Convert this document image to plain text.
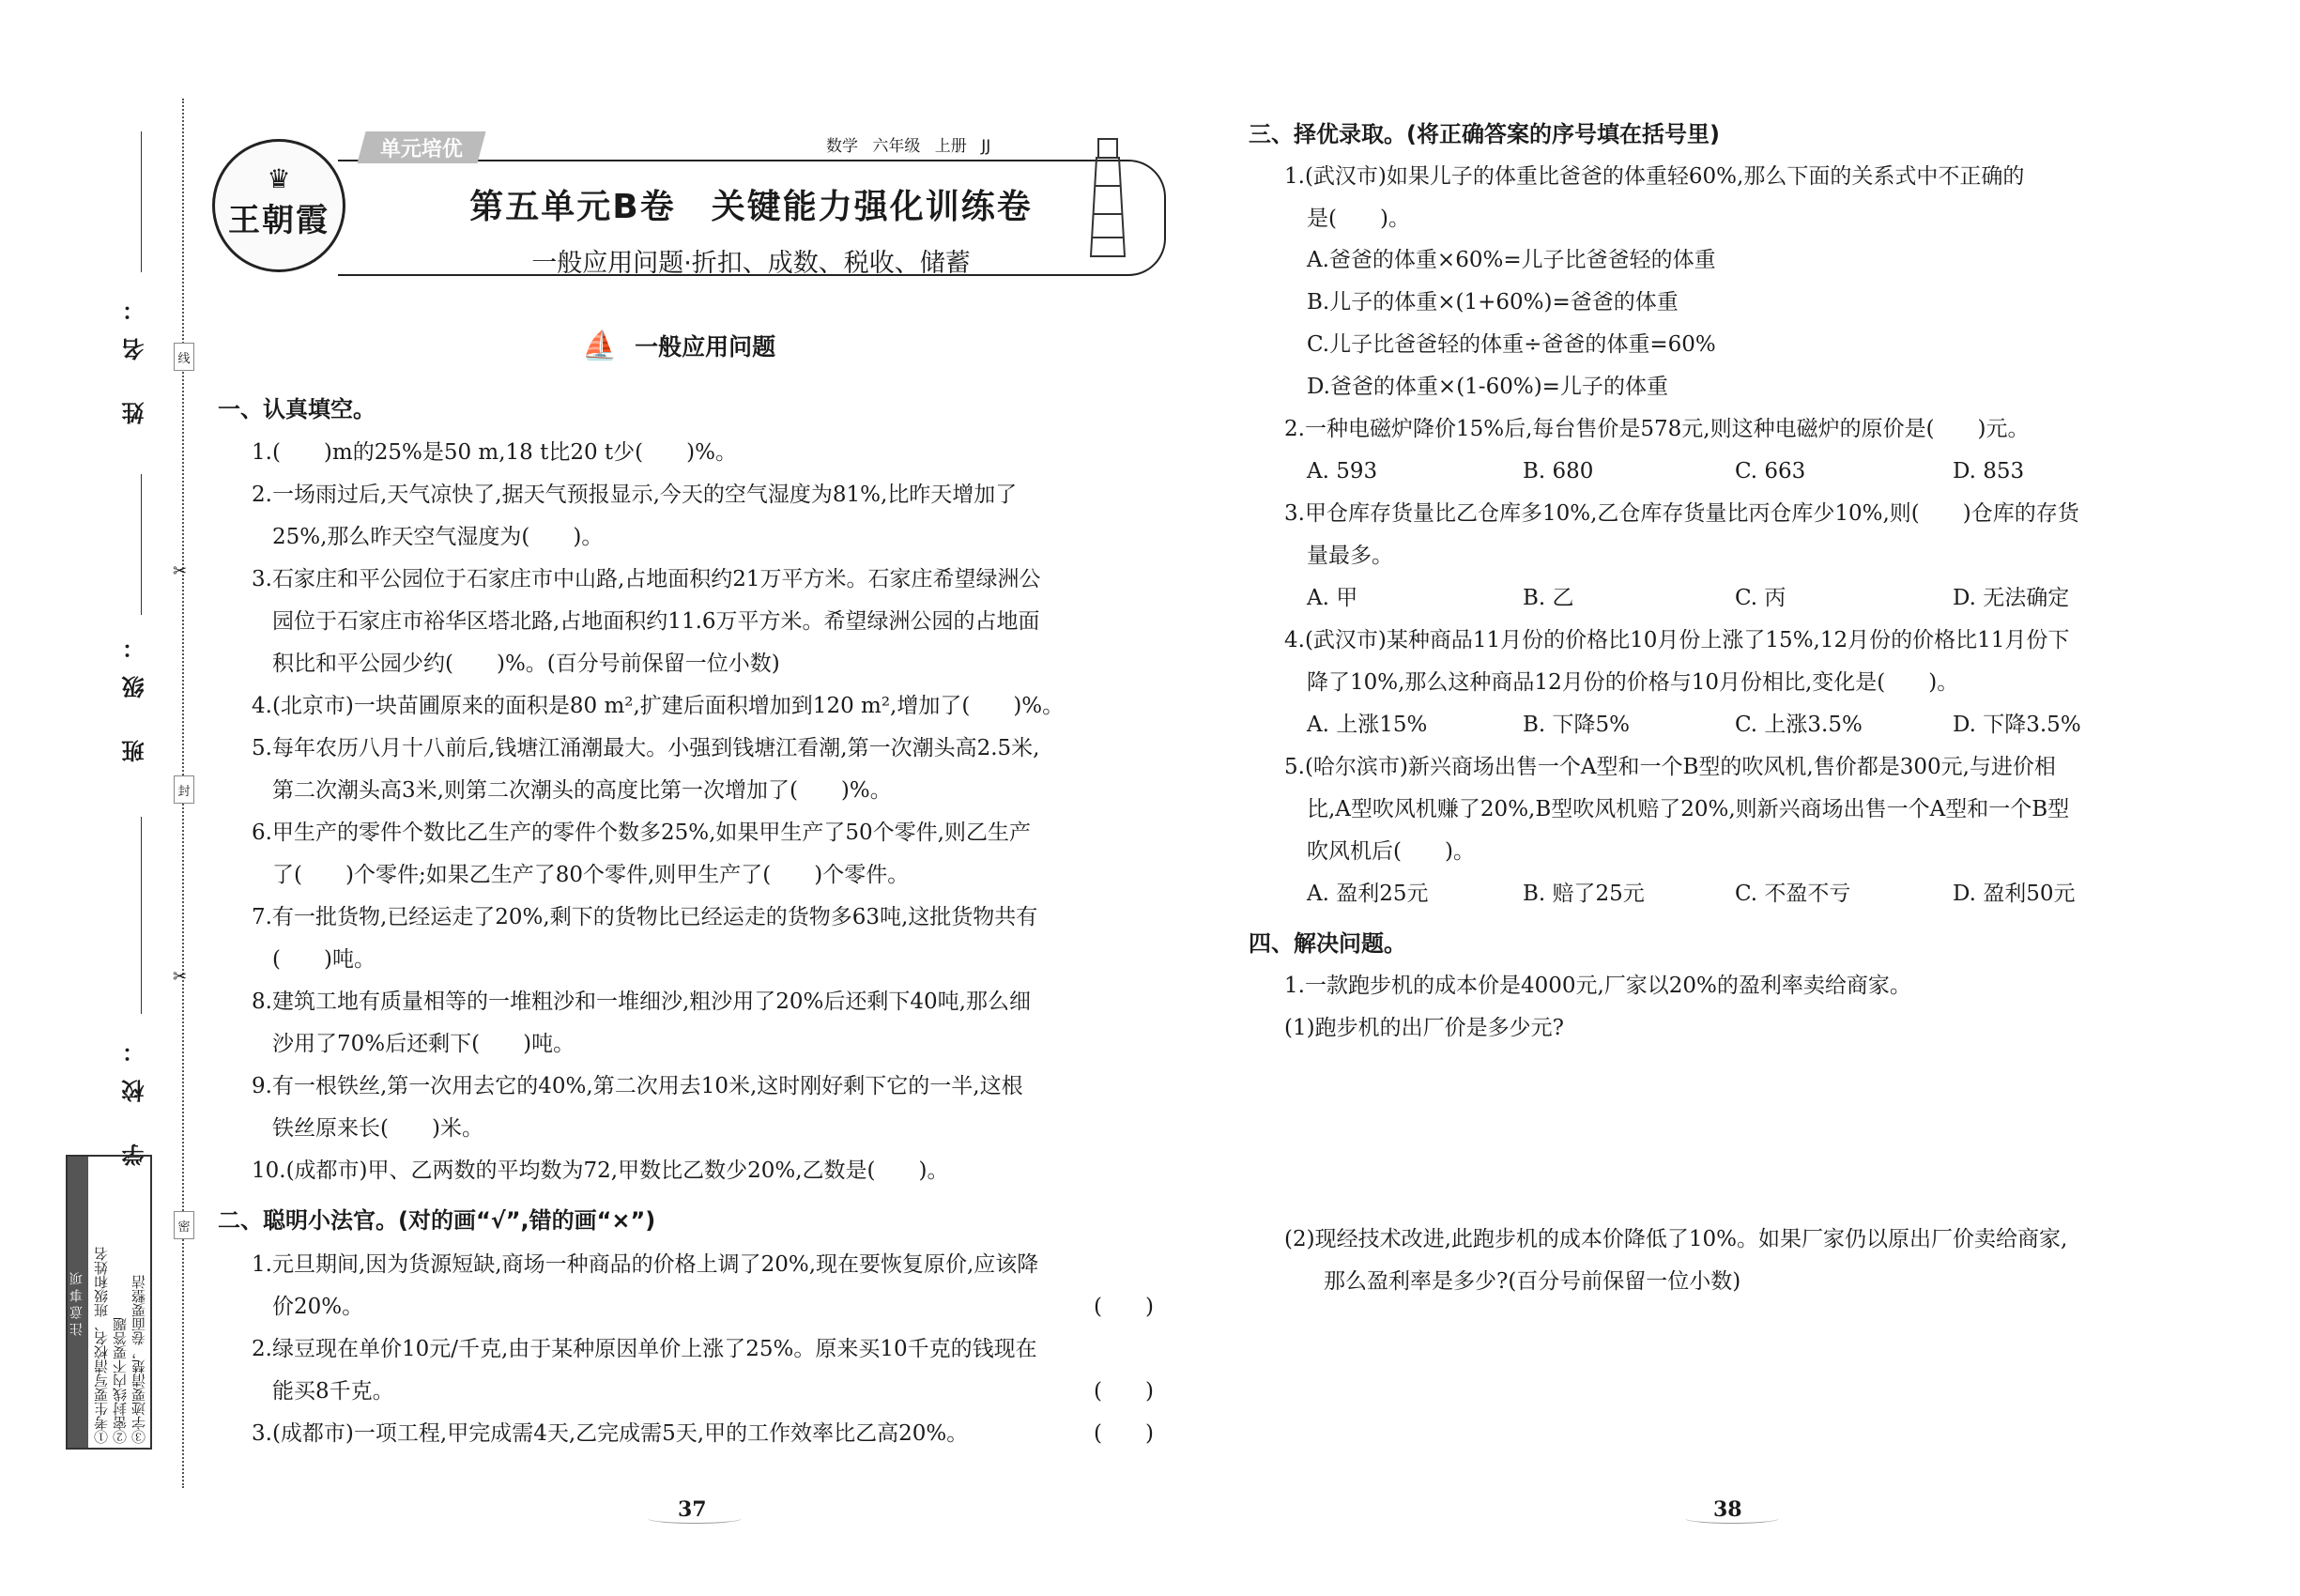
姓 名：
班 级：
学 校：
线
✂
封
✂
密
注意事项 ①考生要写清校名、班级和姓名 ②密封线内不要答题 ③字迹要清楚，卷面要整洁
♛
王朝霞
单元培优	数学 六年级 上册 JJ
第五单元B卷　关键能力强化训练卷
一般应用问题·折扣、成数、税收、储蓄
⛵ 一般应用问题
一、认真填空。
1.(　　)m的25%是50 m,18 t比20 t少(　　)%。
2.一场雨过后,天气凉快了,据天气预报显示,今天的空气湿度为81%,比昨天增加了
25%,那么昨天空气湿度为(　　)。
3.石家庄和平公园位于石家庄市中山路,占地面积约21万平方米。石家庄希望绿洲公
园位于石家庄市裕华区塔北路,占地面积约11.6万平方米。希望绿洲公园的占地面
积比和平公园少约(　　)%。(百分号前保留一位小数)
4.(北京市)一块苗圃原来的面积是80 m²,扩建后面积增加到120 m²,增加了(　　)%。
5.每年农历八月十八前后,钱塘江涌潮最大。小强到钱塘江看潮,第一次潮头高2.5米,
第二次潮头高3米,则第二次潮头的高度比第一次增加了(　　)%。
6.甲生产的零件个数比乙生产的零件个数多25%,如果甲生产了50个零件,则乙生产
了(　　)个零件;如果乙生产了80个零件,则甲生产了(　　)个零件。
7.有一批货物,已经运走了20%,剩下的货物比已经运走的货物多63吨,这批货物共有
(　　)吨。
8.建筑工地有质量相等的一堆粗沙和一堆细沙,粗沙用了20%后还剩下40吨,那么细
沙用了70%后还剩下(　　)吨。
9.有一根铁丝,第一次用去它的40%,第二次用去10米,这时刚好剩下它的一半,这根
铁丝原来长(　　)米。
10.(成都市)甲、乙两数的平均数为72,甲数比乙数少20%,乙数是(　　)。
二、聪明小法官。(对的画“√”,错的画“×”)
1.元旦期间,因为货源短缺,商场一种商品的价格上调了20%,现在要恢复原价,应该降
价20%。	(　　)
2.绿豆现在单价10元/千克,由于某种原因单价上涨了25%。原来买10千克的钱现在
能买8千克。	(　　)
3.(成都市)一项工程,甲完成需4天,乙完成需5天,甲的工作效率比乙高20%。	(　　)
37
三、择优录取。(将正确答案的序号填在括号里)
1.(武汉市)如果儿子的体重比爸爸的体重轻60%,那么下面的关系式中不正确的
是(　　)。
A.爸爸的体重×60%=儿子比爸爸轻的体重
B.儿子的体重×(1+60%)=爸爸的体重
C.儿子比爸爸轻的体重÷爸爸的体重=60%
D.爸爸的体重×(1-60%)=儿子的体重
2.一种电磁炉降价15%后,每台售价是578元,则这种电磁炉的原价是(　　)元。
A. 593	B. 680	C. 663	D. 853
3.甲仓库存货量比乙仓库多10%,乙仓库存货量比丙仓库少10%,则(　　)仓库的存货
量最多。
A. 甲	B. 乙	C. 丙	D. 无法确定
4.(武汉市)某种商品11月份的价格比10月份上涨了15%,12月份的价格比11月份下
降了10%,那么这种商品12月份的价格与10月份相比,变化是(　　)。
A. 上涨15%	B. 下降5%	C. 上涨3.5%	D. 下降3.5%
5.(哈尔滨市)新兴商场出售一个A型和一个B型的吹风机,售价都是300元,与进价相
比,A型吹风机赚了20%,B型吹风机赔了20%,则新兴商场出售一个A型和一个B型
吹风机后(　　)。
A. 盈利25元	B. 赔了25元	C. 不盈不亏	D. 盈利50元
四、解决问题。
1.一款跑步机的成本价是4000元,厂家以20%的盈利率卖给商家。
(1)跑步机的出厂价是多少元?
(2)现经技术改进,此跑步机的成本价降低了10%。如果厂家仍以原出厂价卖给商家,
那么盈利率是多少?(百分号前保留一位小数)
38
